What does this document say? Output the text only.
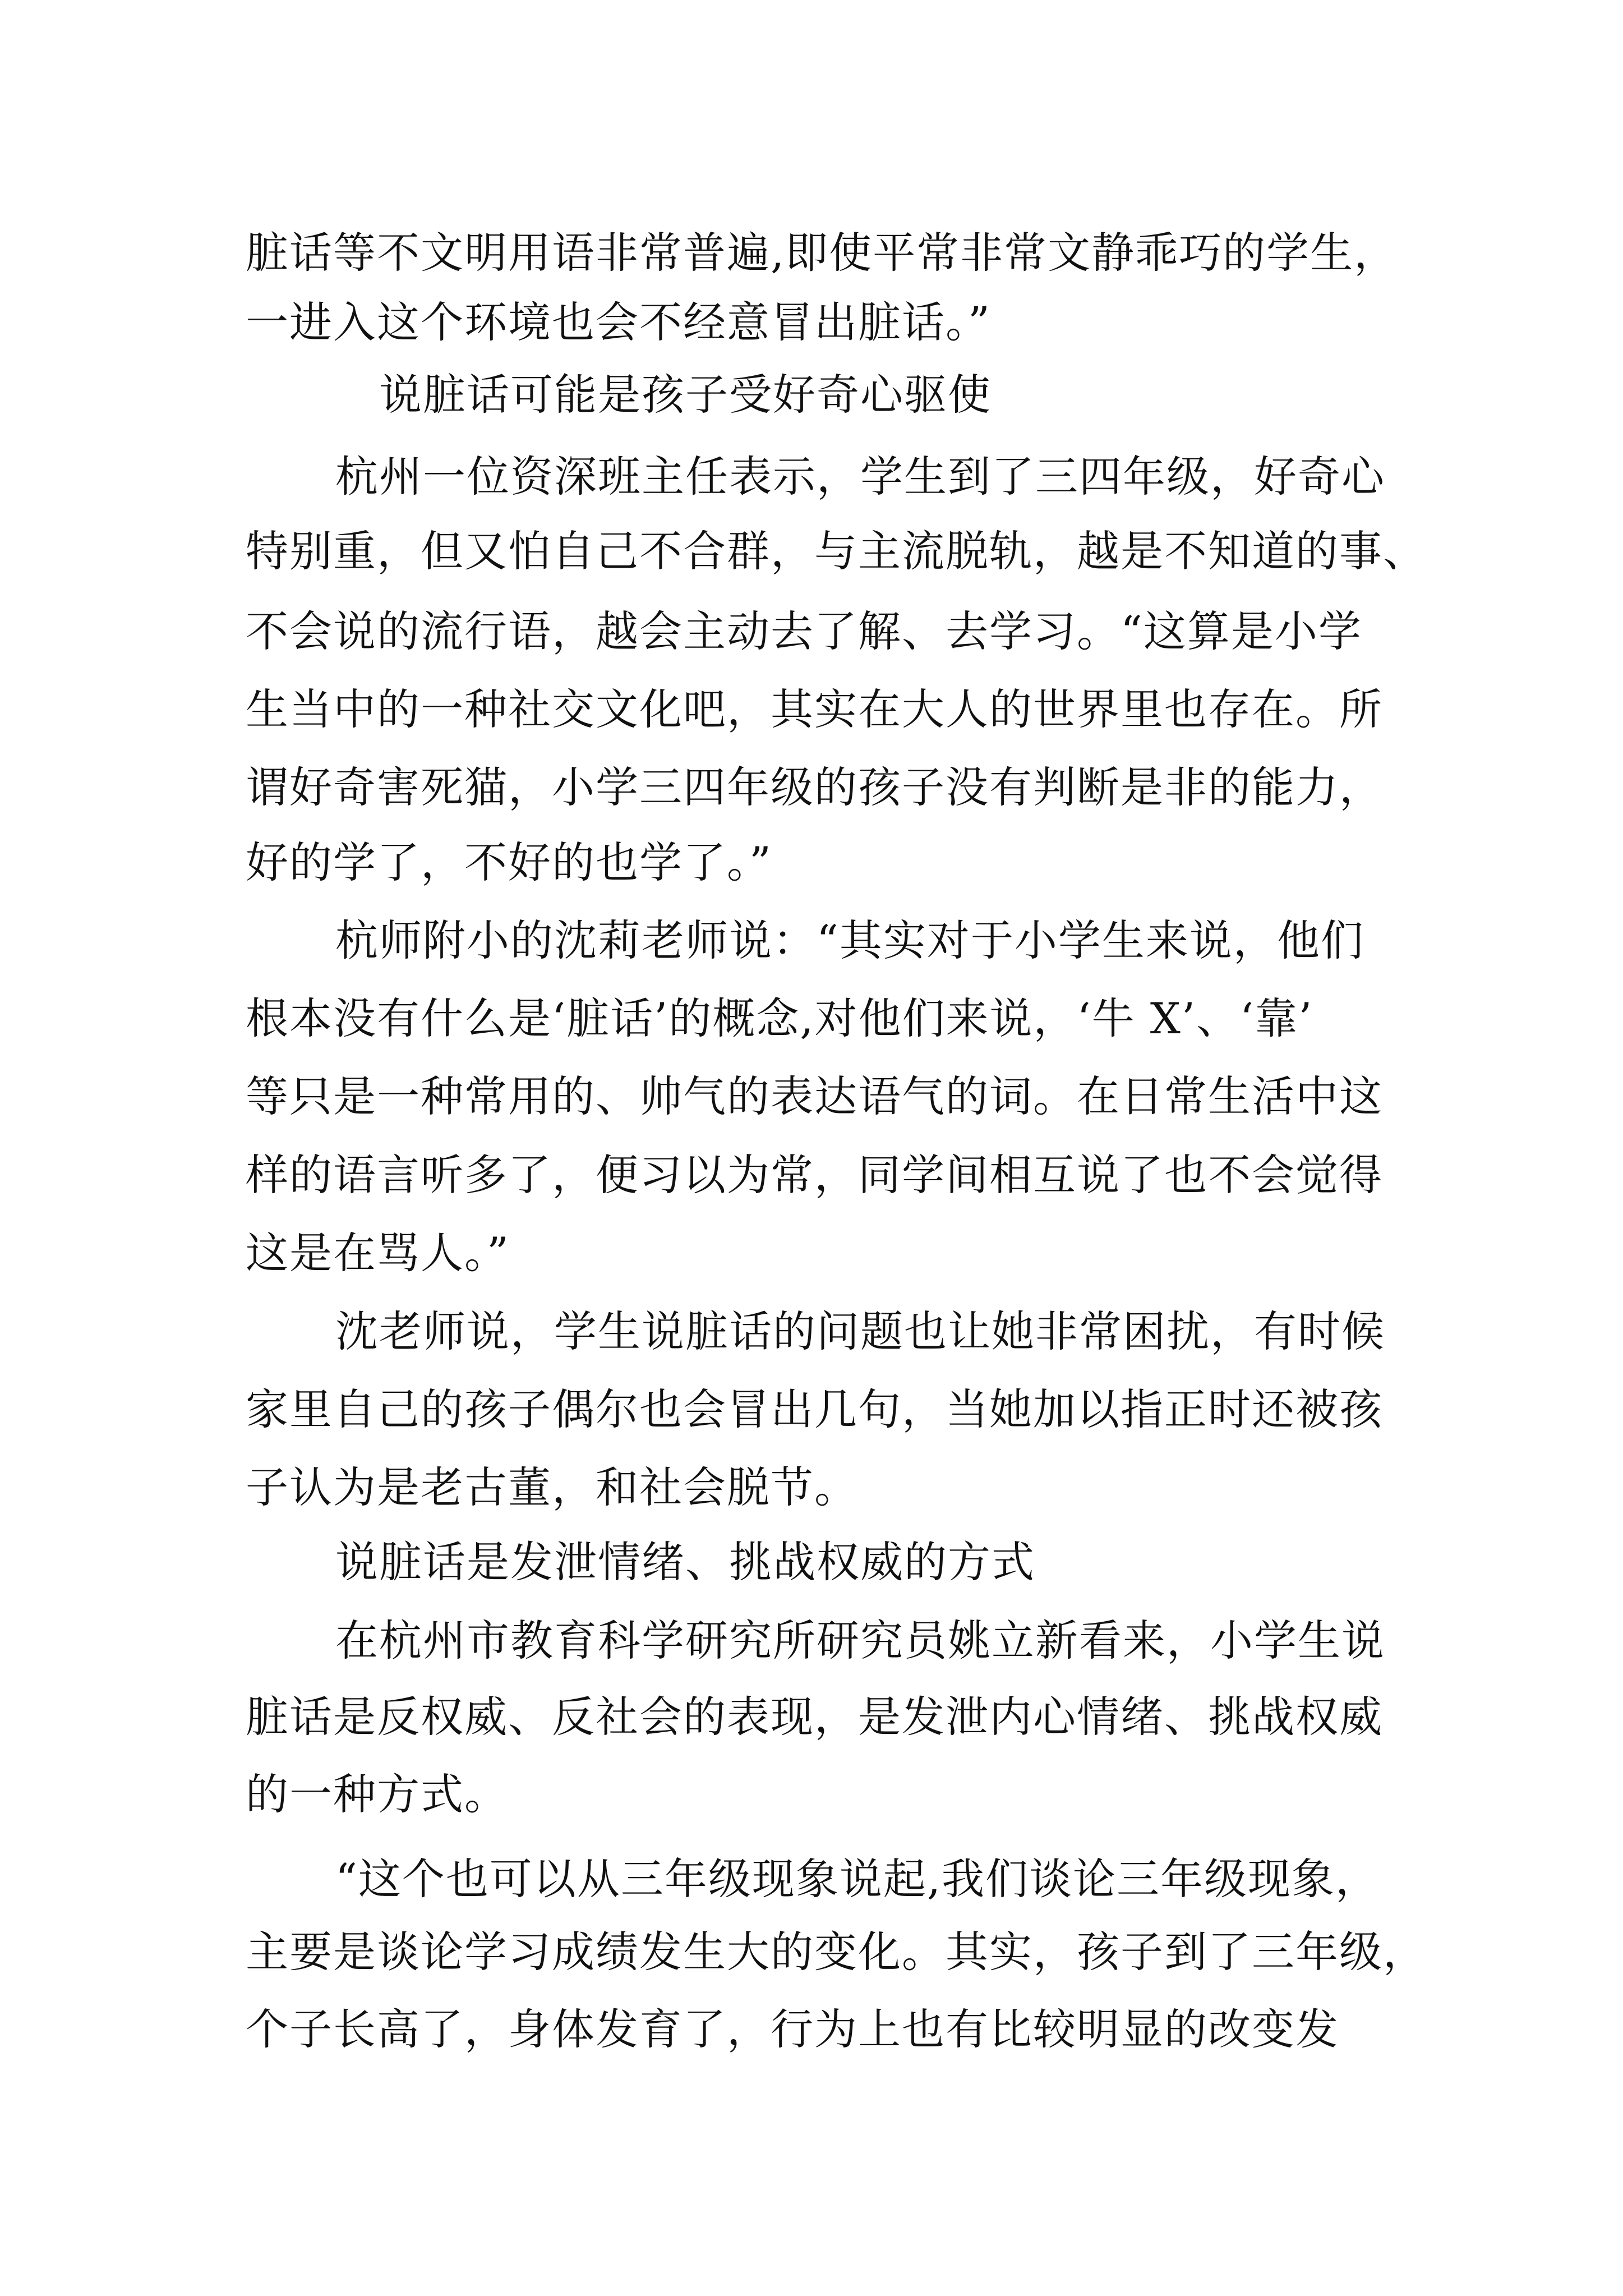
脏话等不文明用语非常普遍,即使平常非常文静乖巧的学生，
一进入这个环境也会不经意冒出脏话。”
说脏话可能是孩子受好奇心驱使
杭州一位资深班主任表示，学生到了三四年级，好奇心
特别重，但又怕自己不合群，与主流脱轨，越是不知道的事、
不会说的流行语，越会主动去了解、去学习。“这算是小学
生当中的一种社交文化吧，其实在大人的世界里也存在。所
谓好奇害死猫，小学三四年级的孩子没有判断是非的能力，
好的学了，不好的也学了。”
杭师附小的沈莉老师说：“其实对于小学生来说，他们
根本没有什么是‘脏话’的概念,对他们来说，‘牛 X’、‘靠’
等只是一种常用的、帅气的表达语气的词。在日常生活中这
样的语言听多了，便习以为常，同学间相互说了也不会觉得
这是在骂人。”
沈老师说，学生说脏话的问题也让她非常困扰，有时候
家里自己的孩子偶尔也会冒出几句，当她加以指正时还被孩
子认为是老古董，和社会脱节。
说脏话是发泄情绪、挑战权威的方式
在杭州市教育科学研究所研究员姚立新看来，小学生说
脏话是反权威、反社会的表现，是发泄内心情绪、挑战权威
的一种方式。
“这个也可以从三年级现象说起,我们谈论三年级现象，
主要是谈论学习成绩发生大的变化。其实，孩子到了三年级，
个子长高了，身体发育了，行为上也有比较明显的改变发
